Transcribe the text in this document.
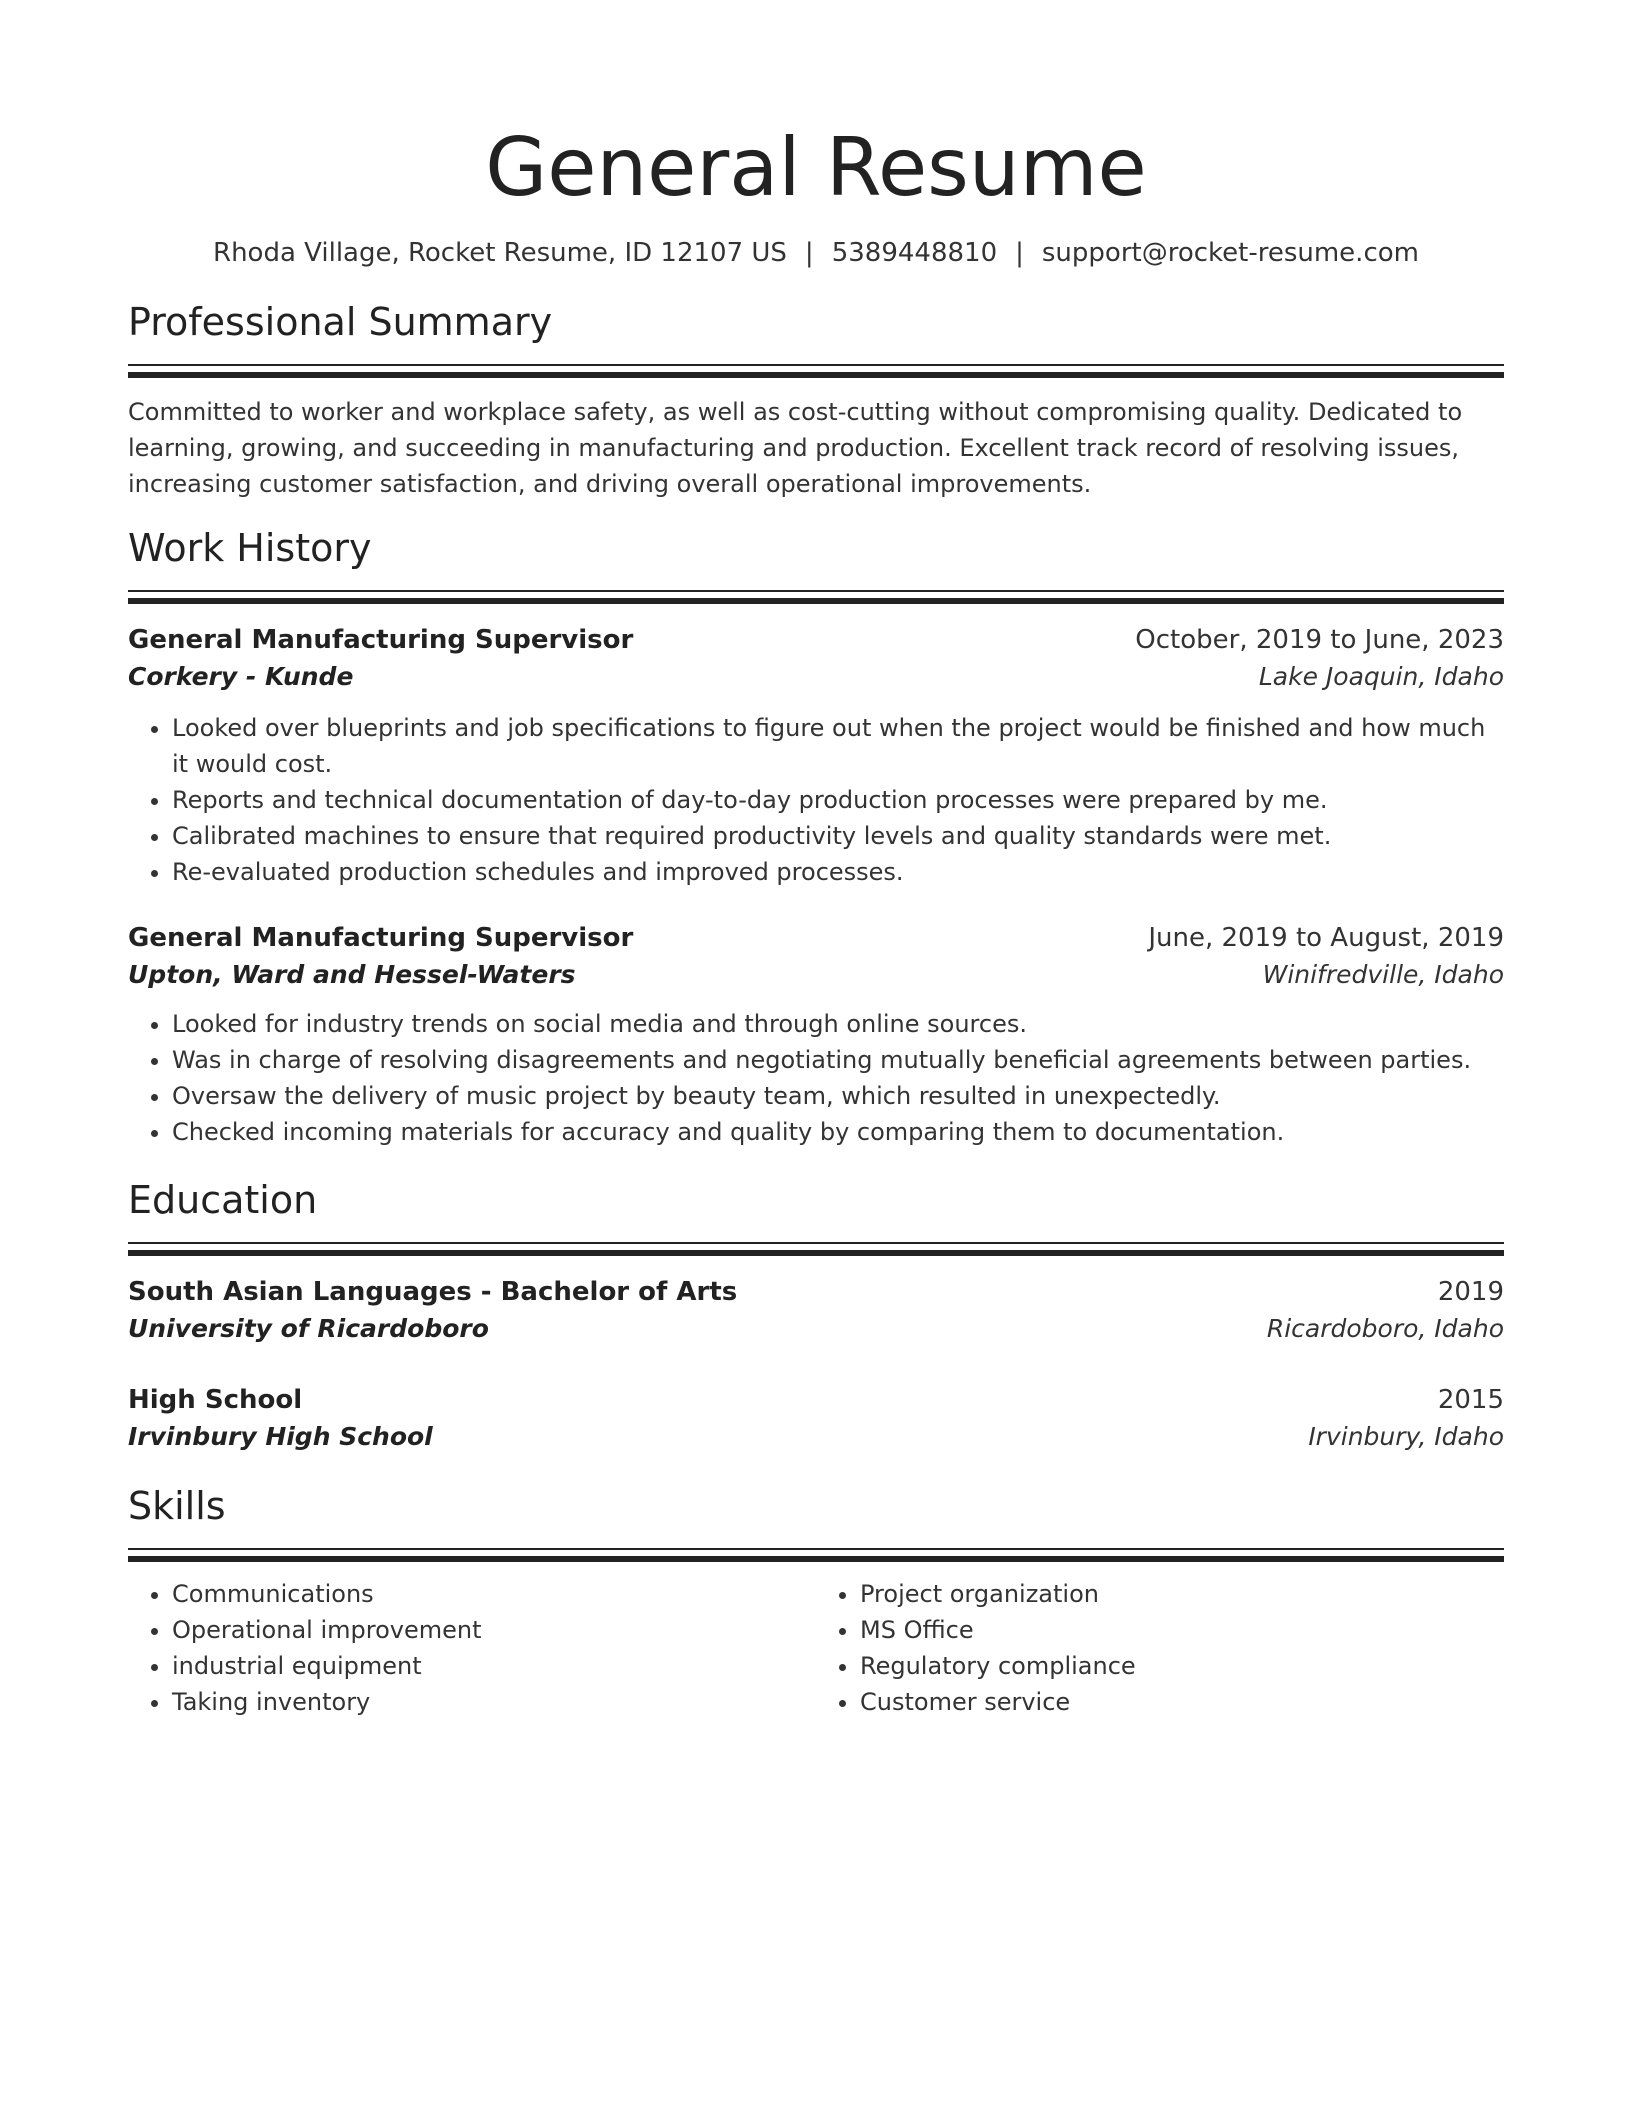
General Resume
Rhoda Village, Rocket Resume, ID 12107 US | 5389448810 | support@rocket-resume.com
Professional Summary
Committed to worker and workplace safety, as well as cost-cutting without compromising quality. Dedicated to learning, growing, and succeeding in manufacturing and production. Excellent track record of resolving issues, increasing customer satisfaction, and driving overall operational improvements.
Work History
General Manufacturing Supervisor	October, 2019 to June, 2023
Corkery - Kunde	Lake Joaquin, Idaho
• Looked over blueprints and job specifications to figure out when the project would be finished and how much it would cost.
• Reports and technical documentation of day-to-day production processes were prepared by me.
• Calibrated machines to ensure that required productivity levels and quality standards were met.
• Re-evaluated production schedules and improved processes.
General Manufacturing Supervisor	June, 2019 to August, 2019
Upton, Ward and Hessel-Waters	Winifredville, Idaho
• Looked for industry trends on social media and through online sources.
• Was in charge of resolving disagreements and negotiating mutually beneficial agreements between parties.
• Oversaw the delivery of music project by beauty team, which resulted in unexpectedly.
• Checked incoming materials for accuracy and quality by comparing them to documentation.
Education
South Asian Languages - Bachelor of Arts	2019
University of Ricardoboro	Ricardoboro, Idaho
High School	2015
Irvinbury High School	Irvinbury, Idaho
Skills
• Communications
• Operational improvement
• industrial equipment
• Taking inventory
• Project organization
• MS Office
• Regulatory compliance
• Customer service
